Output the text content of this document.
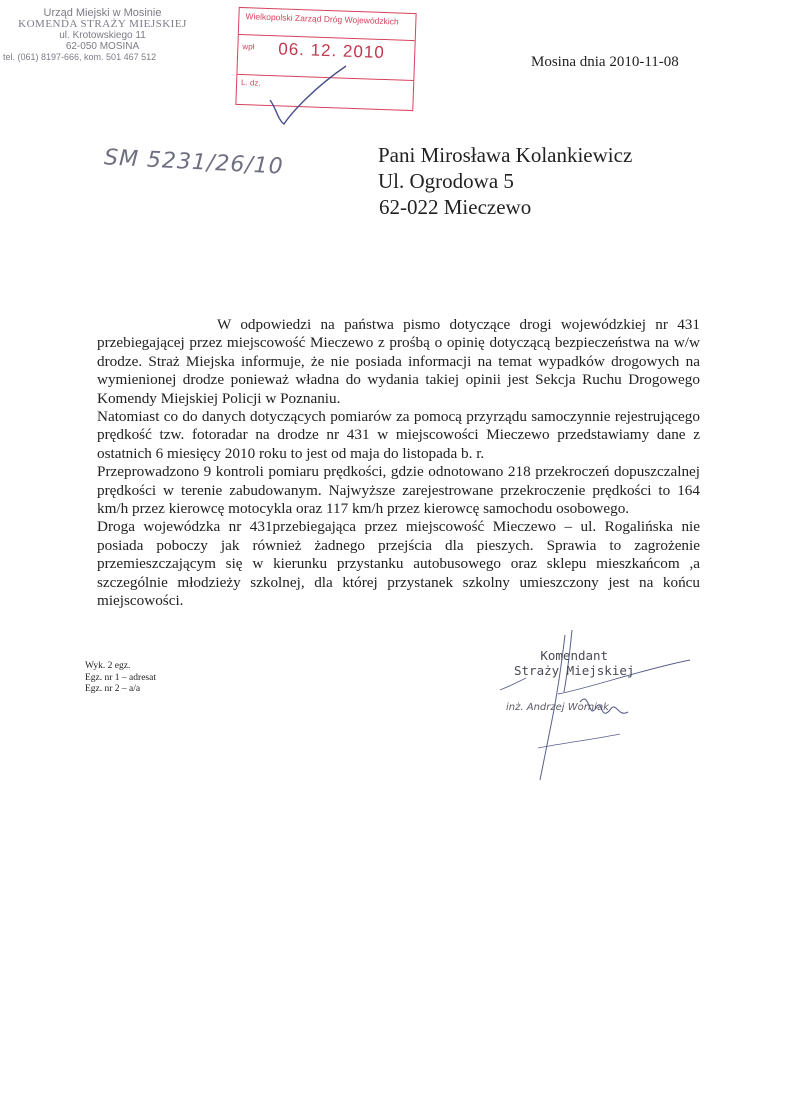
Urząd Miejski w Mosinie
KOMENDA STRAŻY MIEJSKIEJ
ul. Krotowskiego 11
62-050 MOSINA
tel. (061) 8197-666, kom. 501 467 512
Wielkopolski Zarząd Dróg Wojewódzkich
wpł 06. 12. 2010
L. dz.
Mosina dnia 2010-11-08
SM 5231/26/10	Pani Mirosława Kolankiewicz
Ul. Ogrodowa 5
62-022 Mieczewo

W odpowiedzi na państwa pismo dotyczące drogi wojewódzkiej nr 431 przebiegającej przez miejscowość Mieczewo z prośbą o opinię dotyczącą bezpieczeństwa na w/w drodze. Straż Miejska informuje, że nie posiada informacji na temat wypadków drogowych na wymienionej drodze ponieważ władna do wydania takiej opinii jest Sekcja Ruchu Drogowego Komendy Miejskiej Policji w Poznaniu.

Natomiast co do danych dotyczących pomiarów za pomocą przyrządu samoczynnie rejestrującego prędkość tzw. fotoradar na drodze nr 431 w miejscowości Mieczewo przedstawiamy dane z ostatnich 6 miesięcy 2010 roku to jest od maja do listopada b. r.

Przeprowadzono 9 kontroli pomiaru prędkości, gdzie odnotowano 218 przekroczeń dopuszczalnej prędkości w terenie zabudowanym. Najwyższe zarejestrowane przekroczenie prędkości to 164 km/h przez kierowcę motocykla oraz 117 km/h przez kierowcę samochodu osobowego.

Droga wojewódzka nr 431przebiegająca przez miejscowość Mieczewo – ul. Rogalińska nie posiada poboczy jak również żadnego przejścia dla pieszych. Sprawia to zagrożenie przemieszczającym się w kierunku przystanku autobusowego oraz sklepu mieszkańcom ,a szczególnie młodzieży szkolnej, dla której przystanek szkolny umieszczony jest na końcu miejscowości.

Wyk. 2 egz.
Egz. nr 1 – adresat
Egz. nr 2 – a/a
Komendant
Straży Miejskiej
inż. Andrzej Worniak
